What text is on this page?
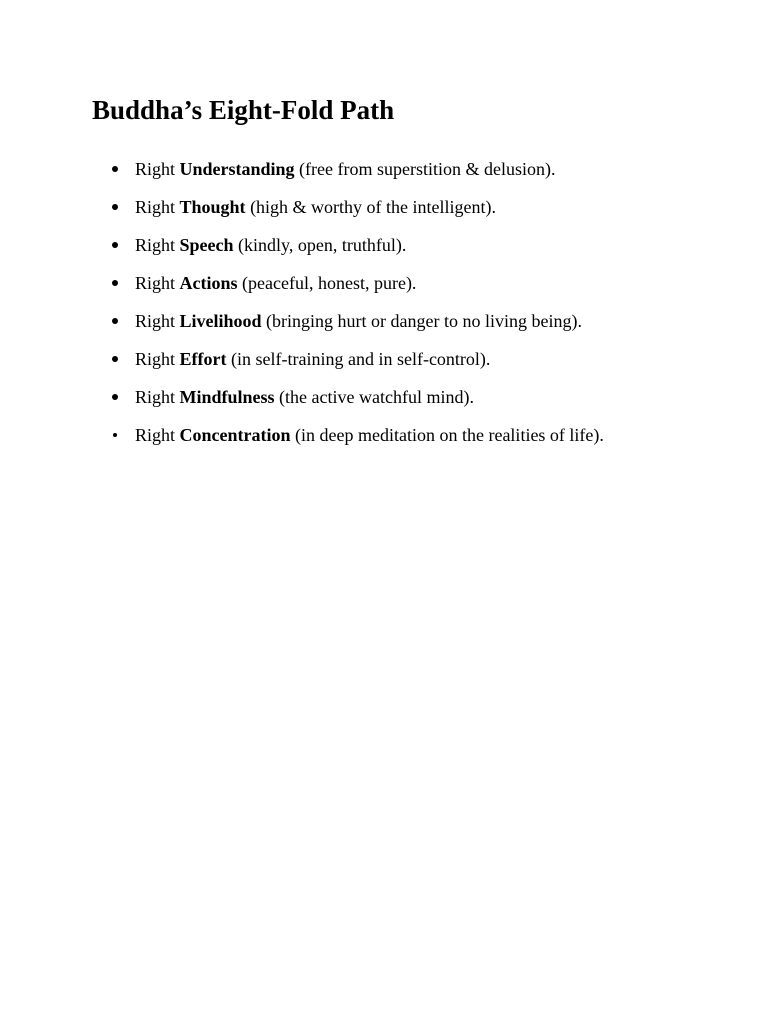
Buddha’s Eight-Fold Path
Right Understanding (free from superstition & delusion).
Right Thought (high & worthy of the intelligent).
Right Speech (kindly, open, truthful).
Right Actions (peaceful, honest, pure).
Right Livelihood (bringing hurt or danger to no living being).
Right Effort (in self-training and in self-control).
Right Mindfulness (the active watchful mind).
Right Concentration (in deep meditation on the realities of life).
